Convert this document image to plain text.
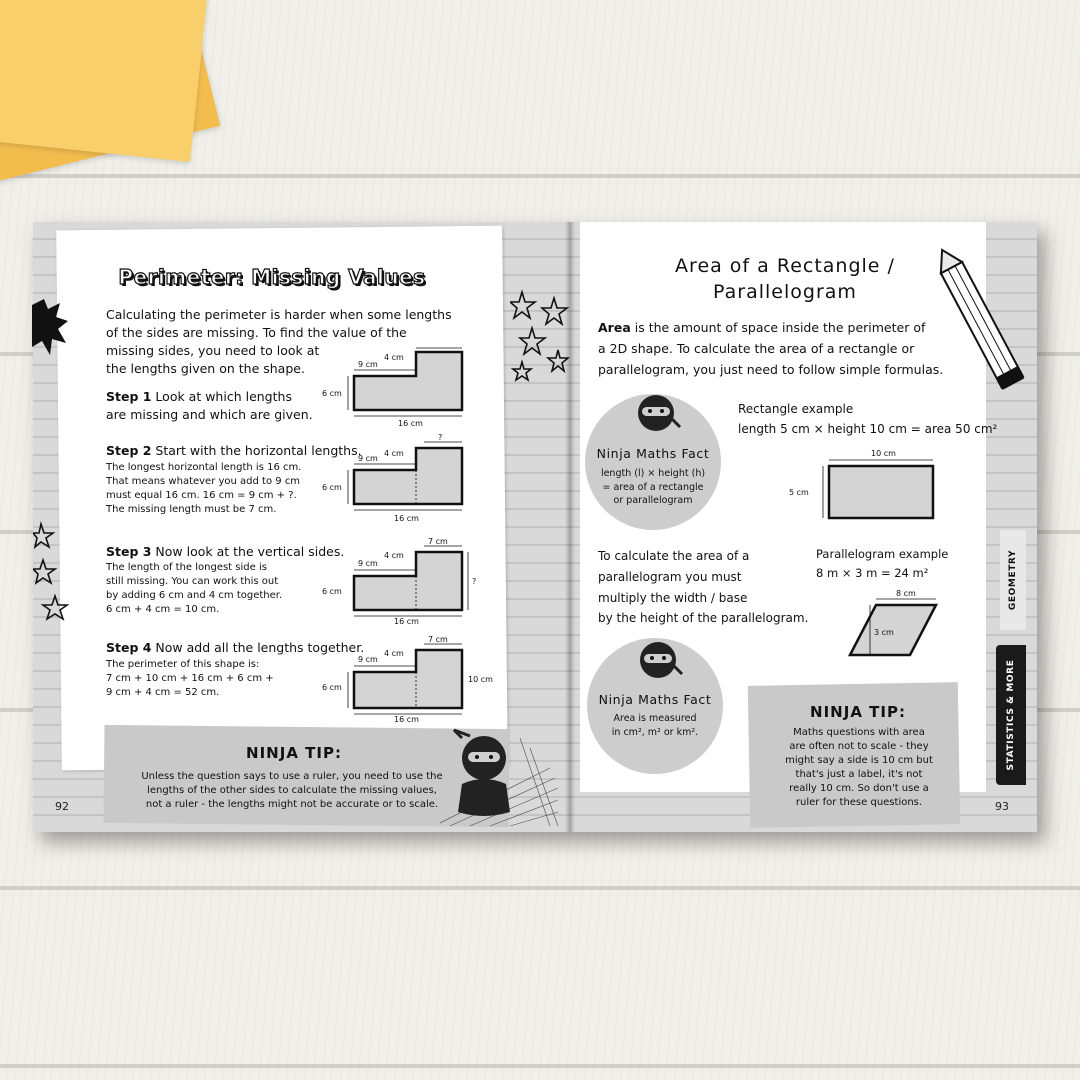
Perimeter: Missing Values
Calculating the perimeter is harder when some lengths
of the sides are missing. To find the value of the
missing sides, you need to look at
the lengths given on the shape.
Step 1 Look at which lengths
are missing and which are given.
Step 2 Start with the horizontal lengths.
The longest horizontal length is 16 cm.
That means whatever you add to 9 cm
must equal 16 cm. 16 cm = 9 cm + ?.
The missing length must be 7 cm.
Step 3 Now look at the vertical sides.
The length of the longest side is
still missing. You can work this out
by adding 6 cm and 4 cm together.
6 cm + 4 cm = 10 cm.
Step 4 Now add all the lengths together.
The perimeter of this shape is:
7 cm + 10 cm + 16 cm + 6 cm +
9 cm + 4 cm = 52 cm.
9 cm
4 cm
6 cm
16 cm
9 cm
4 cm
?
6 cm
16 cm
9 cm
4 cm
7 cm
?
6 cm
16 cm
9 cm
4 cm
7 cm
10 cm
6 cm
16 cm
NINJA TIP:
Unless the question says to use a ruler, you need to use the
lengths of the other sides to calculate the missing values,
not a ruler - the lengths might not be accurate or to scale.
92
Area of a Rectangle /
Parallelogram
Area is the amount of space inside the perimeter of
a 2D shape. To calculate the area of a rectangle or
parallelogram, you just need to follow simple formulas.
Ninja Maths Fact
length (l) × height (h)
= area of a rectangle
or parallelogram
Rectangle example
length 5 cm × height 10 cm = area 50 cm²
10 cm
5 cm
To calculate the area of a
parallelogram you must
multiply the width / base
by the height of the parallelogram.
Parallelogram example
8 m × 3 m = 24 m²
8 cm
3 cm
Ninja Maths Fact
Area is measured
in cm², m² or km².
NINJA TIP:
Maths questions with area
are often not to scale - they
might say a side is 10 cm but
that's just a label, it's not
really 10 cm. So don't use a
ruler for these questions.
GEOMETRY
STATISTICS & MORE
93
